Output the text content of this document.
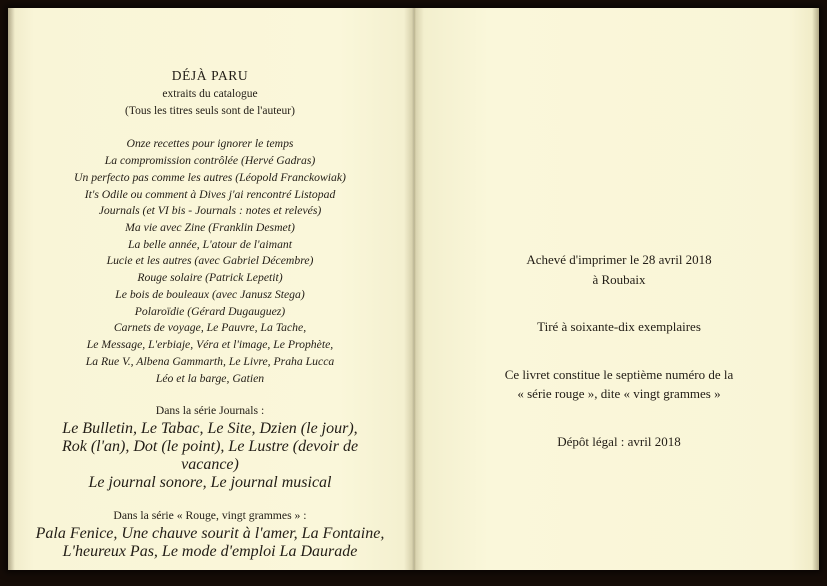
DÉJÀ PARU
extraits du catalogue
(Tous les titres seuls sont de l'auteur)
Onze recettes pour ignorer le temps
La compromission contrôlée (Hervé Gadras)
Un perfecto pas comme les autres (Léopold Franckowiak)
It's Odile ou comment à Dives j'ai rencontré Listopad
Journals (et VI bis - Journals : notes et relevés)
Ma vie avec Zine (Franklin Desmet)
La belle année, L'atour de l'aimant
Lucie et les autres (avec Gabriel Décembre)
Rouge solaire (Patrick Lepetit)
Le bois de bouleaux (avec Janusz Stega)
Polaroïdie (Gérard Dugauguez)
Carnets de voyage, Le Pauvre, La Tache,
Le Message, L'erbiaje, Véra et l'image, Le Prophète,
La Rue V., Albena Gammarth, Le Livre, Praha Lucca
Léo et la barge, Gatien
Dans la série Journals :
Le Bulletin, Le Tabac, Le Site, Dzien (le jour),
Rok (l'an), Dot (le point), Le Lustre (devoir de vacance)
Le journal sonore, Le journal musical
Dans la série « Rouge, vingt grammes » :
Pala Fenice, Une chauve sourit à l'amer, La Fontaine,
L'heureux Pas, Le mode d'emploi La Daurade
Achevé d'imprimer le 28 avril 2018
à Roubaix
Tiré à soixante-dix exemplaires
Ce livret constitue le septième numéro de la
« série rouge », dite « vingt grammes »
Dépôt légal : avril 2018
